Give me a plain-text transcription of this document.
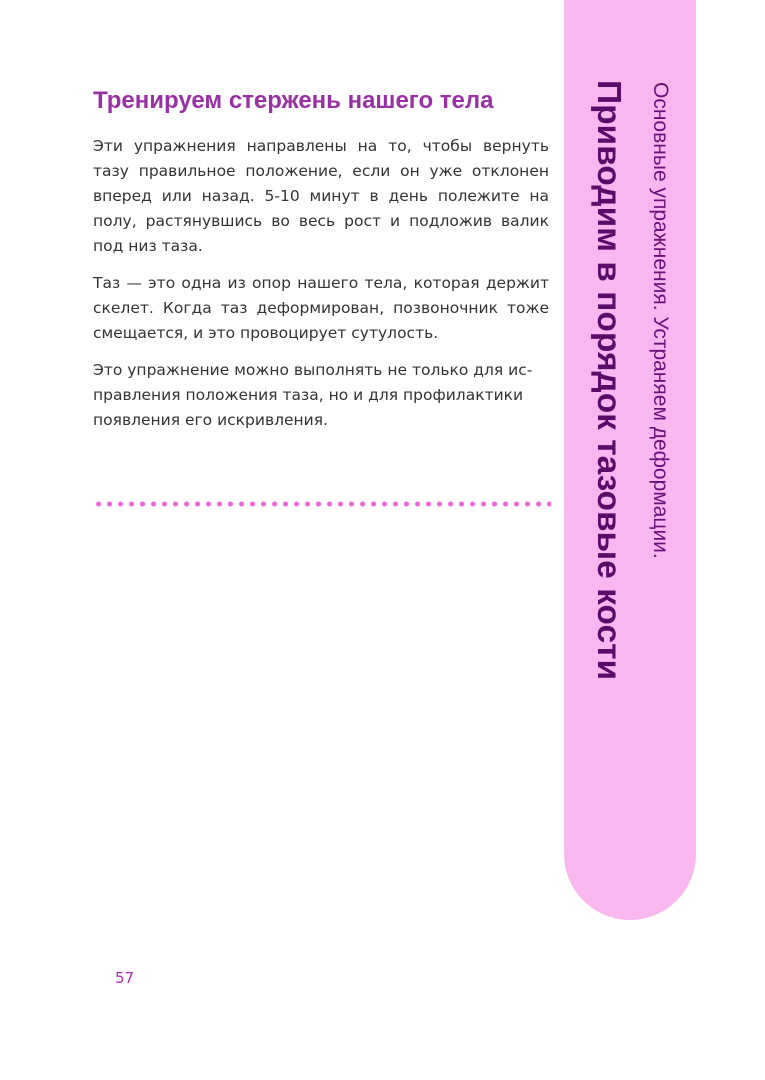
Тренируем стержень нашего тела

Эти упражнения направлены на то, чтобы вернуть тазу правильное положение, если он уже отклонен вперед или назад. 5-10 минут в день полежите на полу, растянувшись во весь рост и подложив валик под низ таза.

Таз — это одна из опор нашего тела, которая держит скелет. Когда таз деформирован, позвоночник тоже смещается, и это провоцирует сутулость.

Это упражнение можно выполнять не только для исправления положения таза, но и для профилактики появления его искривления.	Основные упражнения. Устраняем деформации.
Приводим в порядок тазовые кости
57
